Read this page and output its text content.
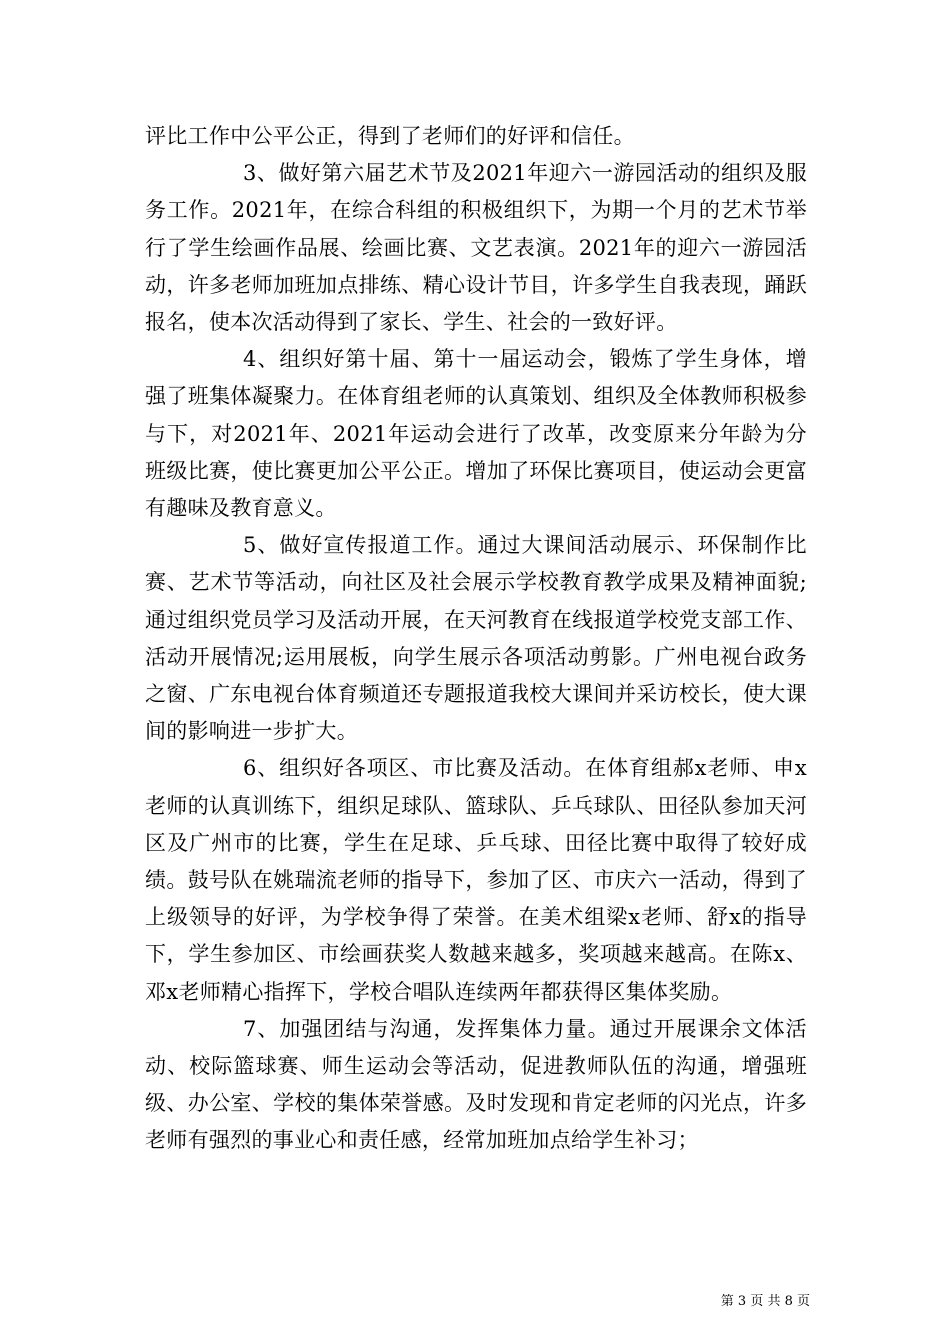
评比工作中公平公正，得到了老师们的好评和信任。

3、做好第六届艺术节及2021年迎六一游园活动的组织及服务工作。2021年，在综合科组的积极组织下，为期一个月的艺术节举行了学生绘画作品展、绘画比赛、文艺表演。2021年的迎六一游园活动，许多老师加班加点排练、精心设计节目，许多学生自我表现，踊跃报名，使本次活动得到了家长、学生、社会的一致好评。

4、组织好第十届、第十一届运动会，锻炼了学生身体，增强了班集体凝聚力。在体育组老师的认真策划、组织及全体教师积极参与下，对2021年、2021年运动会进行了改革，改变原来分年龄为分班级比赛，使比赛更加公平公正。增加了环保比赛项目，使运动会更富有趣味及教育意义。

5、做好宣传报道工作。通过大课间活动展示、环保制作比赛、艺术节等活动，向社区及社会展示学校教育教学成果及精神面貌;通过组织党员学习及活动开展，在天河教育在线报道学校党支部工作、活动开展情况;运用展板，向学生展示各项活动剪影。广州电视台政务之窗、广东电视台体育频道还专题报道我校大课间并采访校长，使大课间的影响进一步扩大。

6、组织好各项区、市比赛及活动。在体育组郝x老师、申x老师的认真训练下，组织足球队、篮球队、乒乓球队、田径队参加天河区及广州市的比赛，学生在足球、乒乓球、田径比赛中取得了较好成绩。鼓号队在姚瑞流老师的指导下，参加了区、市庆六一活动，得到了上级领导的好评，为学校争得了荣誉。在美术组梁x老师、舒x的指导下，学生参加区、市绘画获奖人数越来越多，奖项越来越高。在陈x、邓x老师精心指挥下，学校合唱队连续两年都获得区集体奖励。

7、加强团结与沟通，发挥集体力量。通过开展课余文体活动、校际篮球赛、师生运动会等活动，促进教师队伍的沟通，增强班级、办公室、学校的集体荣誉感。及时发现和肯定老师的闪光点，许多老师有强烈的事业心和责任感，经常加班加点给学生补习；

第 3 页 共 8 页
